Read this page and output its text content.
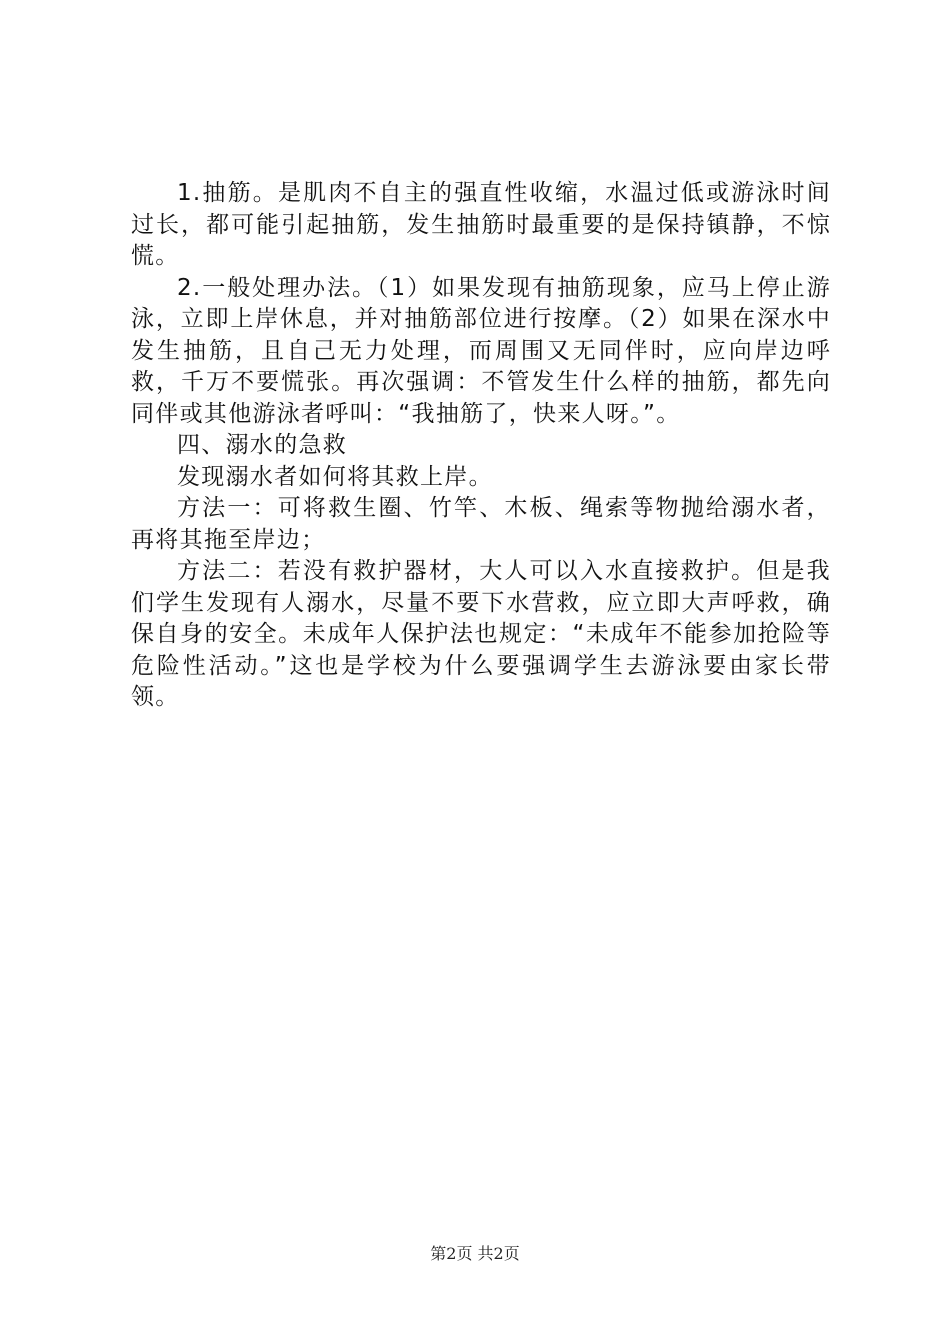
1.抽筋。是肌肉不自主的强直性收缩，水温过低或游泳时间过长，都可能引起抽筋，发生抽筋时最重要的是保持镇静，不惊慌。

2.一般处理办法。（1）如果发现有抽筋现象，应马上停止游泳，立即上岸休息，并对抽筋部位进行按摩。（2）如果在深水中发生抽筋，且自己无力处理，而周围又无同伴时，应向岸边呼救，千万不要慌张。再次强调：不管发生什么样的抽筋，都先向同伴或其他游泳者呼叫：“我抽筋了，快来人呀。”。

四、溺水的急救

发现溺水者如何将其救上岸。

方法一：可将救生圈、竹竿、木板、绳索等物抛给溺水者，再将其拖至岸边；

方法二：若没有救护器材，大人可以入水直接救护。但是我们学生发现有人溺水，尽量不要下水营救，应立即大声呼救，确保自身的安全。未成年人保护法也规定：“未成年不能参加抢险等危险性活动。”这也是学校为什么要强调学生去游泳要由家长带领。

第2页 共2页
